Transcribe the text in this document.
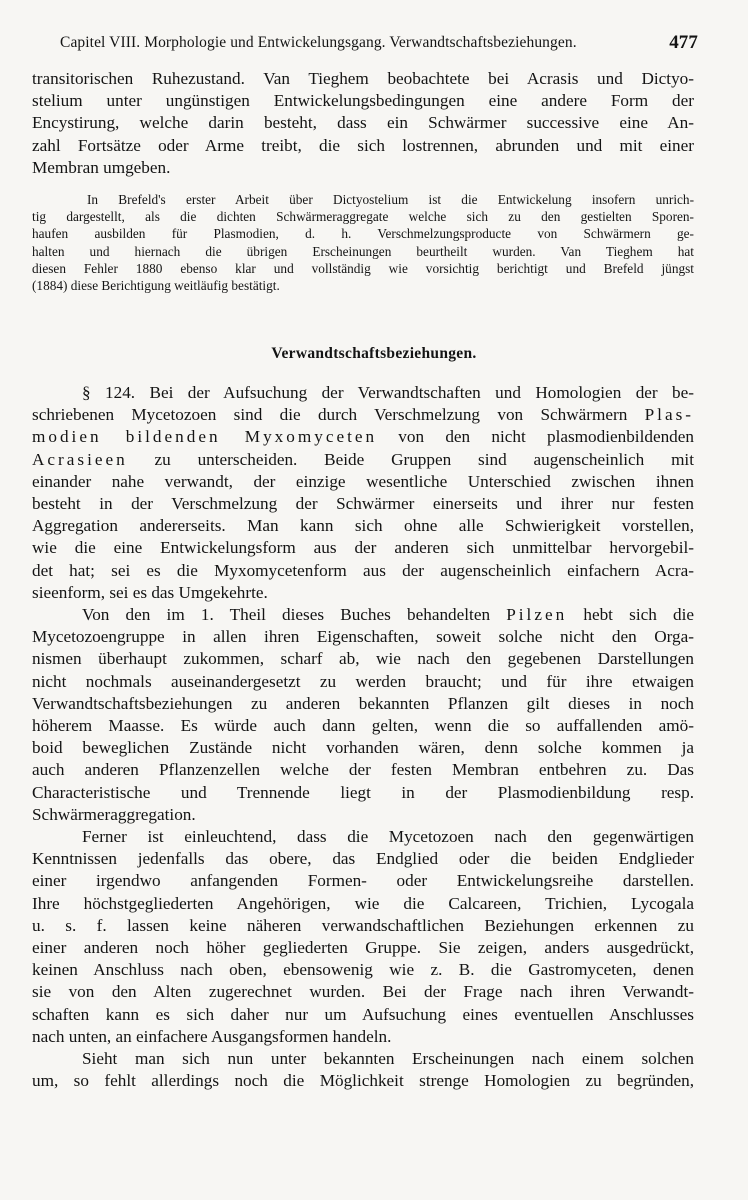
Capitel VIII. Morphologie und Entwickelungsgang. Verwandtschaftsbeziehungen.	477
transitorischen Ruhezustand. Van Tieghem beobachtete bei Acrasis und Dictyo-
stelium unter ungünstigen Entwickelungsbedingungen eine andere Form der
Encystirung, welche darin besteht, dass ein Schwärmer successive eine An-
zahl Fortsätze oder Arme treibt, die sich lostrennen, abrunden und mit einer
Membran umgeben.
In Brefeld's erster Arbeit über Dictyostelium ist die Entwickelung insofern unrich-
tig dargestellt, als die dichten Schwärmeraggregate welche sich zu den gestielten Sporen-
haufen ausbilden für Plasmodien, d. h. Verschmelzungsproducte von Schwärmern ge-
halten und hiernach die übrigen Erscheinungen beurtheilt wurden. Van Tieghem hat
diesen Fehler 1880 ebenso klar und vollständig wie vorsichtig berichtigt und Brefeld jüngst
(1884) diese Berichtigung weitläufig bestätigt.
Verwandtschaftsbeziehungen.
§ 124. Bei der Aufsuchung der Verwandtschaften und Homologien der be-
schriebenen Mycetozoen sind die durch Verschmelzung von Schwärmern Plas-
modien bildenden Myxomyceten von den nicht plasmodienbildenden
Acrasieen zu unterscheiden. Beide Gruppen sind augenscheinlich mit
einander nahe verwandt, der einzige wesentliche Unterschied zwischen ihnen
besteht in der Verschmelzung der Schwärmer einerseits und ihrer nur festen
Aggregation andererseits. Man kann sich ohne alle Schwierigkeit vorstellen,
wie die eine Entwickelungsform aus der anderen sich unmittelbar hervorgebil-
det hat; sei es die Myxomycetenform aus der augenscheinlich einfachern Acra-
sieenform, sei es das Umgekehrte.
Von den im 1. Theil dieses Buches behandelten Pilzen hebt sich die
Mycetozoengruppe in allen ihren Eigenschaften, soweit solche nicht den Orga-
nismen überhaupt zukommen, scharf ab, wie nach den gegebenen Darstellungen
nicht nochmals auseinandergesetzt zu werden braucht; und für ihre etwaigen
Verwandtschaftsbeziehungen zu anderen bekannten Pflanzen gilt dieses in noch
höherem Maasse. Es würde auch dann gelten, wenn die so auffallenden amö-
boid beweglichen Zustände nicht vorhanden wären, denn solche kommen ja
auch anderen Pflanzenzellen welche der festen Membran entbehren zu. Das
Characteristische und Trennende liegt in der Plasmodienbildung resp.
Schwärmeraggregation.
Ferner ist einleuchtend, dass die Mycetozoen nach den gegenwärtigen
Kenntnissen jedenfalls das obere, das Endglied oder die beiden Endglieder
einer irgendwo anfangenden Formen- oder Entwickelungsreihe darstellen.
Ihre höchstgegliederten Angehörigen, wie die Calcareen, Trichien, Lycogala
u. s. f. lassen keine näheren verwandschaftlichen Beziehungen erkennen zu
einer anderen noch höher gegliederten Gruppe. Sie zeigen, anders ausgedrückt,
keinen Anschluss nach oben, ebensowenig wie z. B. die Gastromyceten, denen
sie von den Alten zugerechnet wurden. Bei der Frage nach ihren Verwandt-
schaften kann es sich daher nur um Aufsuchung eines eventuellen Anschlusses
nach unten, an einfachere Ausgangsformen handeln.
Sieht man sich nun unter bekannten Erscheinungen nach einem solchen
um, so fehlt allerdings noch die Möglichkeit strenge Homologien zu begründen,
